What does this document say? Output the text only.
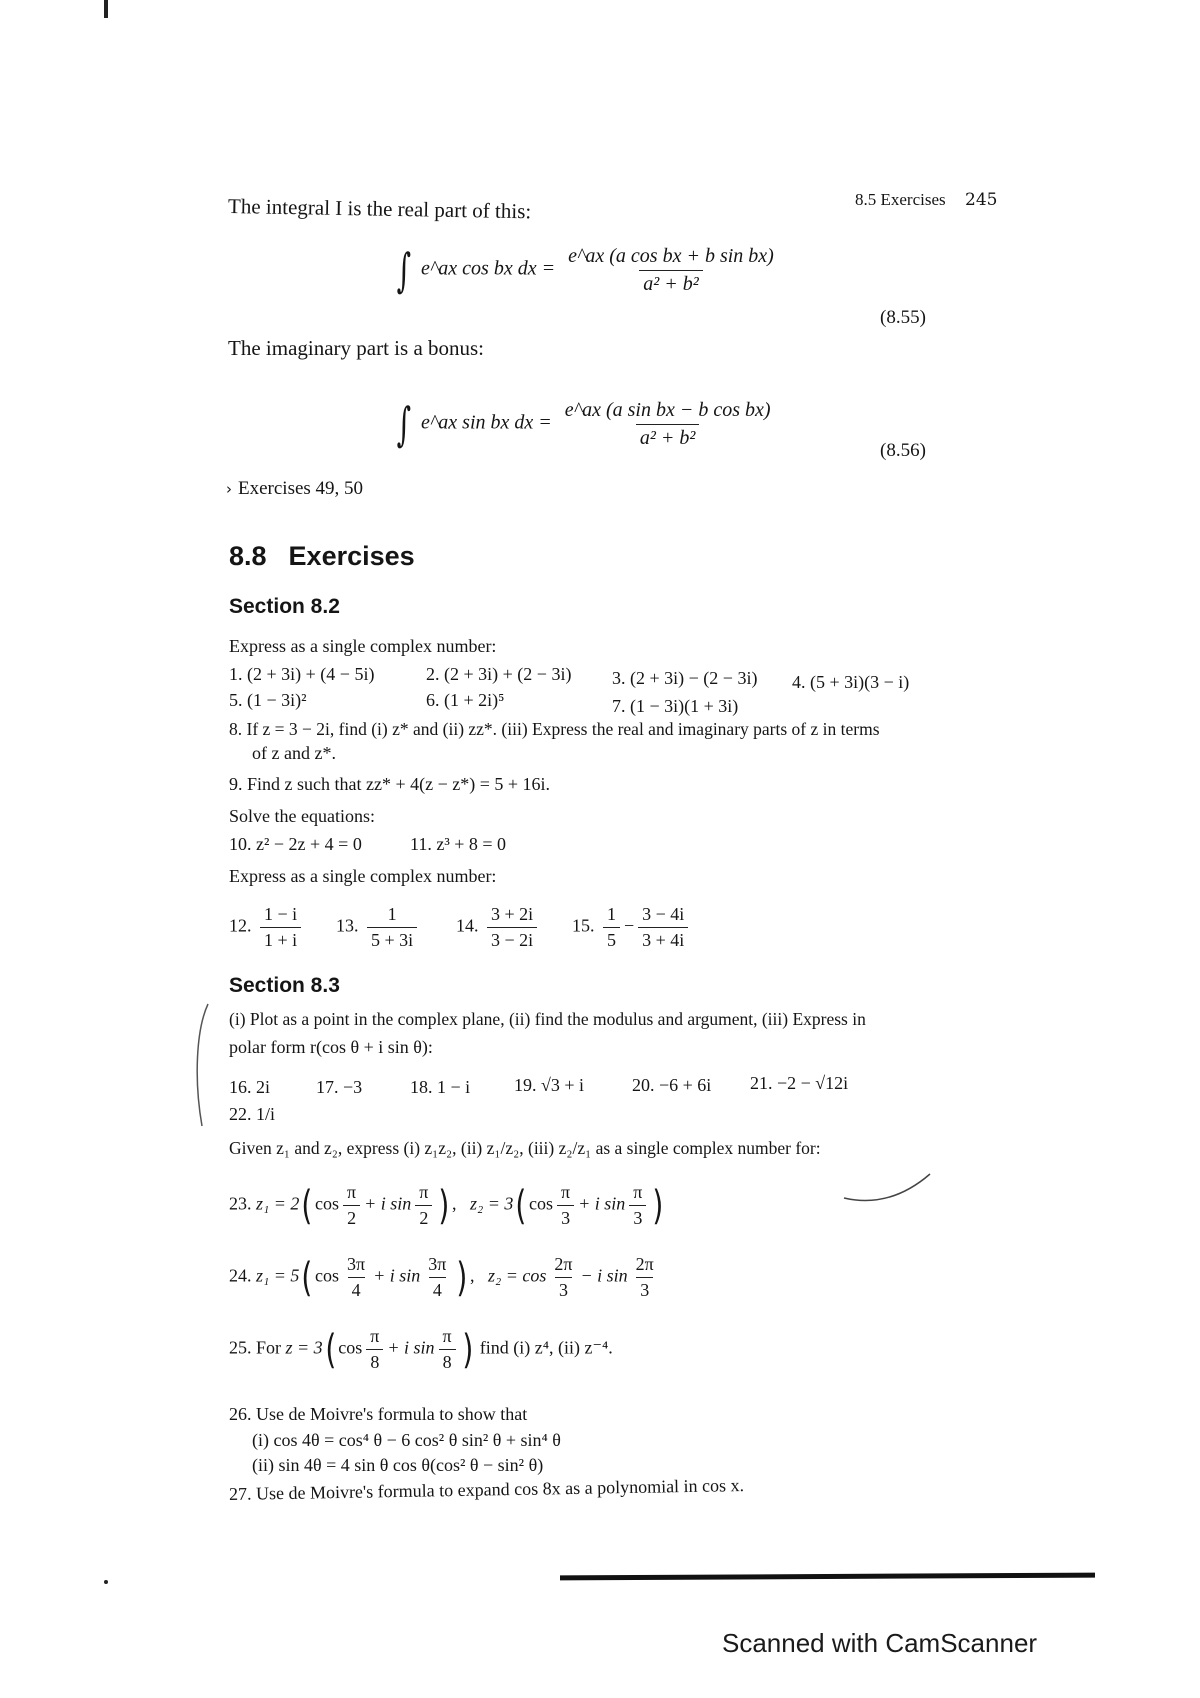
8.5 Exercises 245
The integral I is the real part of this:
∫ e^ax cos bx dx = $\frac{\text{e\textasciicircum{}ax (a cos bx + b sin bx)}}{\text{a² + b²}}$
(8.55)
The imaginary part is a bonus:
∫ e^ax sin bx dx = $\frac{\text{e\textasciicircum{}ax (a sin bx − b cos bx)}}{\text{a² + b²}}$
(8.56)
› Exercises 49, 50
8.8 Exercises
Section 8.2
Express as a single complex number:
1. (2 + 3i) + (4 − 5i)	2. (2 + 3i) + (2 − 3i) 3. (2 + 3i) − (2 − 3i) 4. (5 + 3i)(3 − i)
5. (1 − 3i)²	6. (1 + 2i)⁵	7. (1 − 3i)(1 + 3i)
8. If z = 3 − 2i, find (i) z* and (ii) zz*. (iii) Express the real and imaginary parts of z in terms
of z and z*.
9. Find z such that zz* + 4(z − z*) = 5 + 16i.
Solve the equations:
10. z² − 2z + 4 = 0	11. z³ + 8 = 0
Express as a single complex number:
12. $\frac{1 - i}{1 + i} 13$. $\frac{1}{5 + 3i} 14$. $\frac{3 + 2i}{3 - 2i} 15$. $\frac{1}{5} - \frac{3 - 4i}{3 + 4i}$
Section 8.3
(i) Plot as a point in the complex plane, (ii) find the modulus and argument, (iii) Express in
polar form r(cos θ + i sin θ):
16. 2i	17. −3	18. 1 − i 19. √3 + i	20. −6 + 6i 21. −2 − √12i
22. 1/i
Given z₁ and z₂, express (i) z₁z₂, (ii) z₁/z₂, (iii) z₂/z₁ as a single complex number for:
23. z₁ = 2( $\cos \frac{\pi}{2} + i$ $\sin \frac{\pi}{2}$ ) ,   z₂ = 3( $\cos \frac{\pi}{3} + i$ $\sin \frac{\pi}{3}$ )
24. z₁ = 5( $\cos \frac{3\pi}{4} + i$ $\sin \frac{3\pi}{4}$ ) ,   $z_2 = \cos \frac{2\pi}{3} - i$ $\sin \frac{2\pi}{3}$
25. For z = 3( $\cos \frac{\pi}{8} + i$ $\sin \frac{\pi}{8}$ ) find (i) z⁴, (ii) z⁻⁴.
26. Use de Moivre's formula to show that
(i) cos 4θ = cos⁴ θ − 6 cos² θ sin² θ + sin⁴ θ
(ii) sin 4θ = 4 sin θ cos θ(cos² θ − sin² θ)
27. Use de Moivre's formula to expand cos 8x as a polynomial in cos x.
Scanned with CamScanner
